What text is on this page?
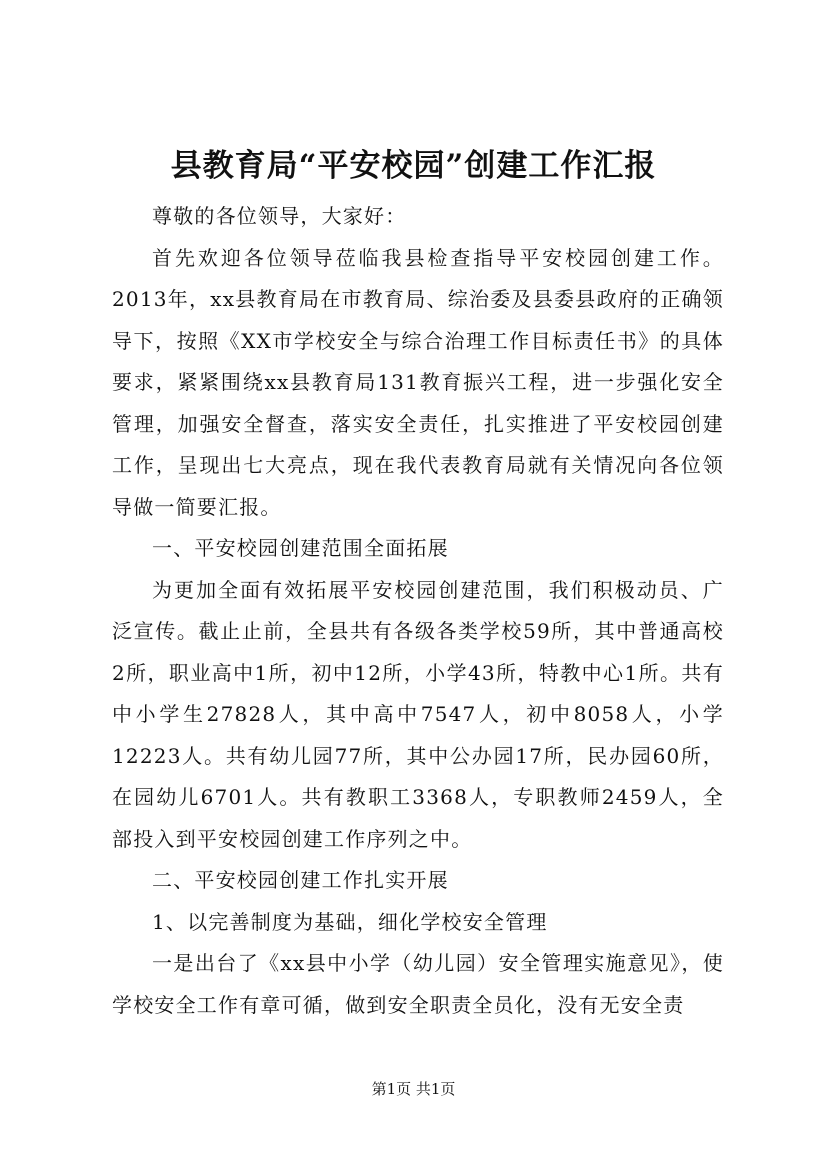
县教育局“平安校园”创建工作汇报

尊敬的各位领导，大家好：

首先欢迎各位领导莅临我县检查指导平安校园创建工作。2013年，xx县教育局在市教育局、综治委及县委县政府的正确领导下，按照《XX市学校安全与综合治理工作目标责任书》的具体要求，紧紧围绕xx县教育局131教育振兴工程，进一步强化安全管理，加强安全督查，落实安全责任，扎实推进了平安校园创建工作，呈现出七大亮点，现在我代表教育局就有关情况向各位领导做一简要汇报。

一、平安校园创建范围全面拓展

为更加全面有效拓展平安校园创建范围，我们积极动员、广泛宣传。截止止前，全县共有各级各类学校59所，其中普通高校2所，职业高中1所，初中12所，小学43所，特教中心1所。共有中小学生27828人，其中高中7547人，初中8058人，小学12223人。共有幼儿园77所，其中公办园17所，民办园60所，在园幼儿6701人。共有教职工3368人，专职教师2459人，全部投入到平安校园创建工作序列之中。

二、平安校园创建工作扎实开展

1、以完善制度为基础，细化学校安全管理

一是出台了《xx县中小学（幼儿园）安全管理实施意见》，使学校安全工作有章可循，做到安全职责全员化，没有无安全责

第1页 共1页
